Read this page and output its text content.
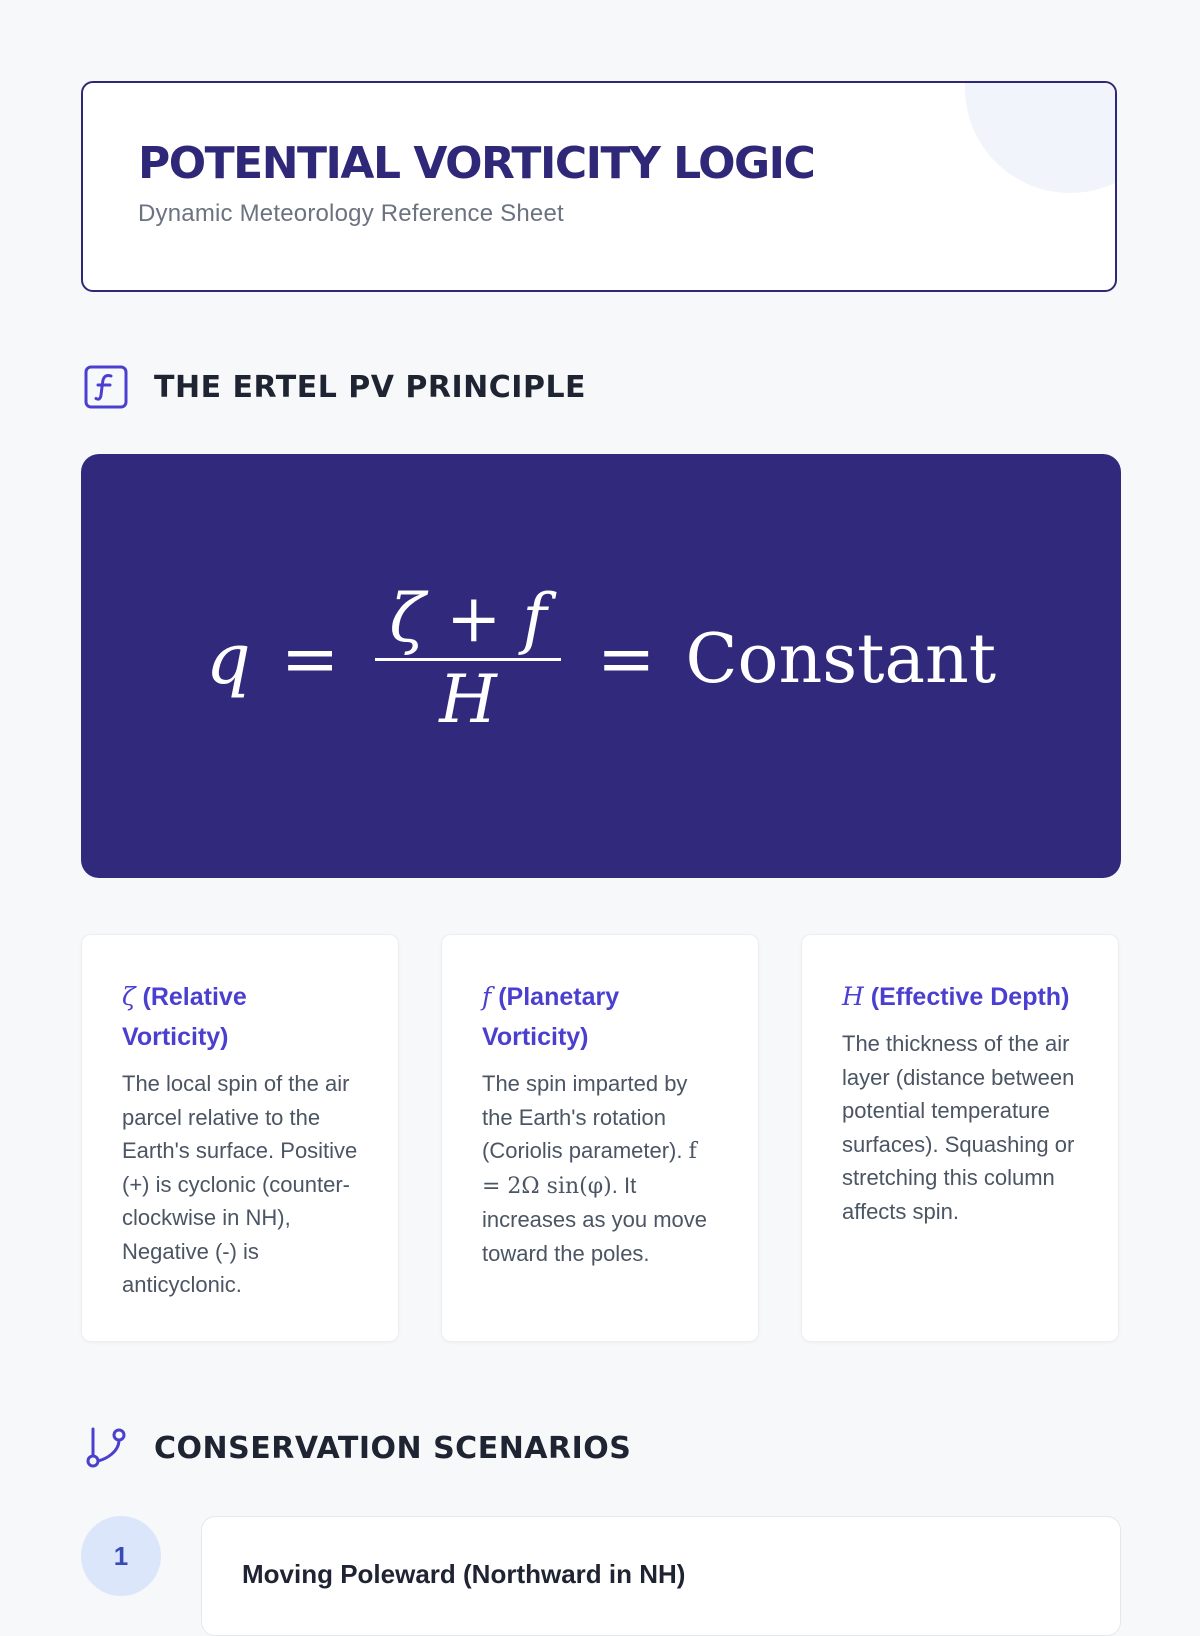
POTENTIAL VORTICITY LOGIC
Dynamic Meteorology Reference Sheet
THE ERTEL PV PRINCIPLE
$q = \frac{\zeta + f}{H}$ = Constant
ζ (Relative Vorticity)
The local spin of the air parcel relative to the Earth's surface. Positive (+) is cyclonic (counter-clockwise in NH), Negative (-) is anticyclonic.
f (Planetary Vorticity)
The spin imparted by the Earth's rotation (Coriolis parameter). f = 2Ω sin(φ). It increases as you move toward the poles.
H (Effective Depth)
The thickness of the air layer (distance between potential temperature surfaces). Squashing or stretching this column affects spin.
CONSERVATION SCENARIOS
1
Moving Poleward (Northward in NH)
